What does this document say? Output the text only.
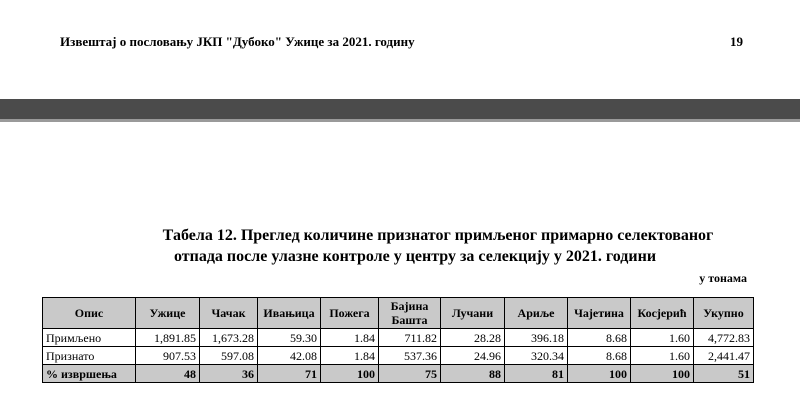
Извештај о пословању ЈКП "Дубоко" Ужице за 2021. годину	19
Табела 12. Преглед количине признатог примљеног примарно селектованог
отпада после улазне контроле у центру за селекцију у 2021. години
у тонама
Опис	Ужице	Чачак	Ивањица	Пожега	Бајина Башта	Лучани	Ариље	Чајетина	Косјерић	Укупно
Примљено	1,891.85	1,673.28	59.30	1.84	711.82	28.28	396.18	8.68	1.60	4,772.83
Признато	907.53	597.08	42.08	1.84	537.36	24.96	320.34	8.68	1.60	2,441.47
% извршења	48	36	71	100	75	88	81	100	100	51
